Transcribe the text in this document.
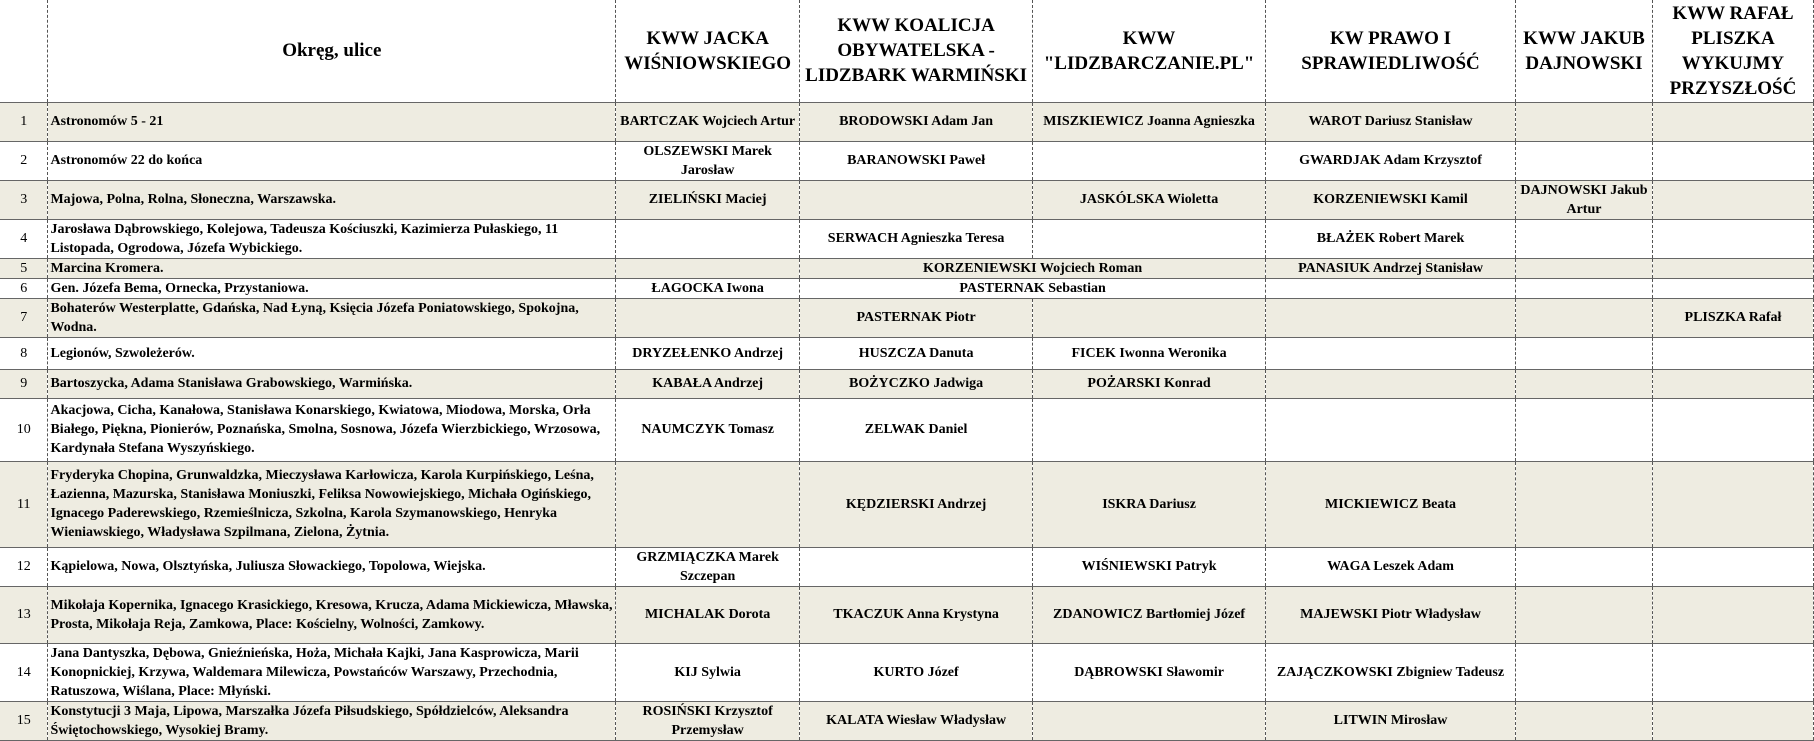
	Okręg, ulice	KWW JACKA WIŚNIOWSKIEGO	KWW KOALICJA OBYWATELSKA - LIDZBARK WARMIŃSKI	KWW "LIDZBARCZANIE.PL"	KW PRAWO I SPRAWIEDLIWOŚĆ	KWW JAKUB DAJNOWSKI	KWW RAFAŁ PLISZKA WYKUJMY PRZYSZŁOŚĆ
1	Astronomów 5 - 21	BARTCZAK Wojciech Artur	BRODOWSKI Adam Jan	MISZKIEWICZ Joanna Agnieszka	WAROT Dariusz Stanisław		
2	Astronomów 22 do końca	OLSZEWSKI Marek Jarosław	BARANOWSKI Paweł		GWARDJAK Adam Krzysztof		
3	Majowa, Polna, Rolna, Słoneczna, Warszawska.	ZIELIŃSKI Maciej		JASKÓLSKA Wioletta	KORZENIEWSKI Kamil	DAJNOWSKI Jakub Artur	
4	Jarosława Dąbrowskiego, Kolejowa, Tadeusza Kościuszki, Kazimierza Pułaskiego, 11 Listopada, Ogrodowa, Józefa Wybickiego.		SERWACH Agnieszka Teresa		BŁAŻEK Robert Marek		
5	Marcina Kromera.		KORZENIEWSKI Wojciech Roman		PANASIUK Andrzej Stanisław		
6	Gen. Józefa Bema, Ornecka, Przystaniowa.	ŁAGOCKA Iwona	PASTERNAK Sebastian				
7	Bohaterów Westerplatte, Gdańska, Nad Łyną, Księcia Józefa Poniatowskiego, Spokojna, Wodna.		PASTERNAK Piotr				PLISZKA Rafał
8	Legionów, Szwoleżerów.	DRYZEŁENKO Andrzej	HUSZCZA Danuta	FICEK Iwonna Weronika			
9	Bartoszycka, Adama Stanisława Grabowskiego, Warmińska.	KABAŁA Andrzej	BOŻYCZKO Jadwiga	POŻARSKI Konrad			
10	Akacjowa, Cicha, Kanałowa, Stanisława Konarskiego, Kwiatowa, Miodowa, Morska, Orła Białego, Piękna, Pionierów, Poznańska, Smolna, Sosnowa, Józefa Wierzbickiego, Wrzosowa, Kardynała Stefana Wyszyńskiego.	NAUMCZYK Tomasz	ZELWAK Daniel				
11	Fryderyka Chopina, Grunwaldzka, Mieczysława Karłowicza, Karola Kurpińskiego, Leśna, Łazienna, Mazurska, Stanisława Moniuszki, Feliksa Nowowiejskiego, Michała Ogińskiego, Ignacego Paderewskiego, Rzemieślnicza, Szkolna, Karola Szymanowskiego, Henryka Wieniawskiego, Władysława Szpilmana, Zielona, Żytnia.		KĘDZIERSKI Andrzej	ISKRA Dariusz	MICKIEWICZ Beata		
12	Kąpielowa, Nowa, Olsztyńska, Juliusza Słowackiego, Topolowa, Wiejska.	GRZMIĄCZKA Marek Szczepan		WIŚNIEWSKI Patryk	WAGA Leszek Adam		
13	Mikołaja Kopernika, Ignacego Krasickiego, Kresowa, Krucza, Adama Mickiewicza, Mławska, Prosta, Mikołaja Reja, Zamkowa, Place: Kościelny, Wolności, Zamkowy.	MICHALAK Dorota	TKACZUK Anna Krystyna	ZDANOWICZ Bartłomiej Józef	MAJEWSKI Piotr Władysław		
14	Jana Dantyszka, Dębowa, Gnieźnieńska, Hoża, Michała Kajki, Jana Kasprowicza, Marii Konopnickiej, Krzywa, Waldemara Milewicza, Powstańców Warszawy, Przechodnia, Ratuszowa, Wiślana, Place: Młyński.	KIJ Sylwia	KURTO Józef	DĄBROWSKI Sławomir	ZAJĄCZKOWSKI Zbigniew Tadeusz		
15	Konstytucji 3 Maja, Lipowa, Marszałka Józefa Piłsudskiego, Spółdzielców, Aleksandra Świętochowskiego, Wysokiej Bramy.	ROSIŃSKI Krzysztof Przemysław	KALATA Wiesław Władysław		LITWIN Mirosław		
